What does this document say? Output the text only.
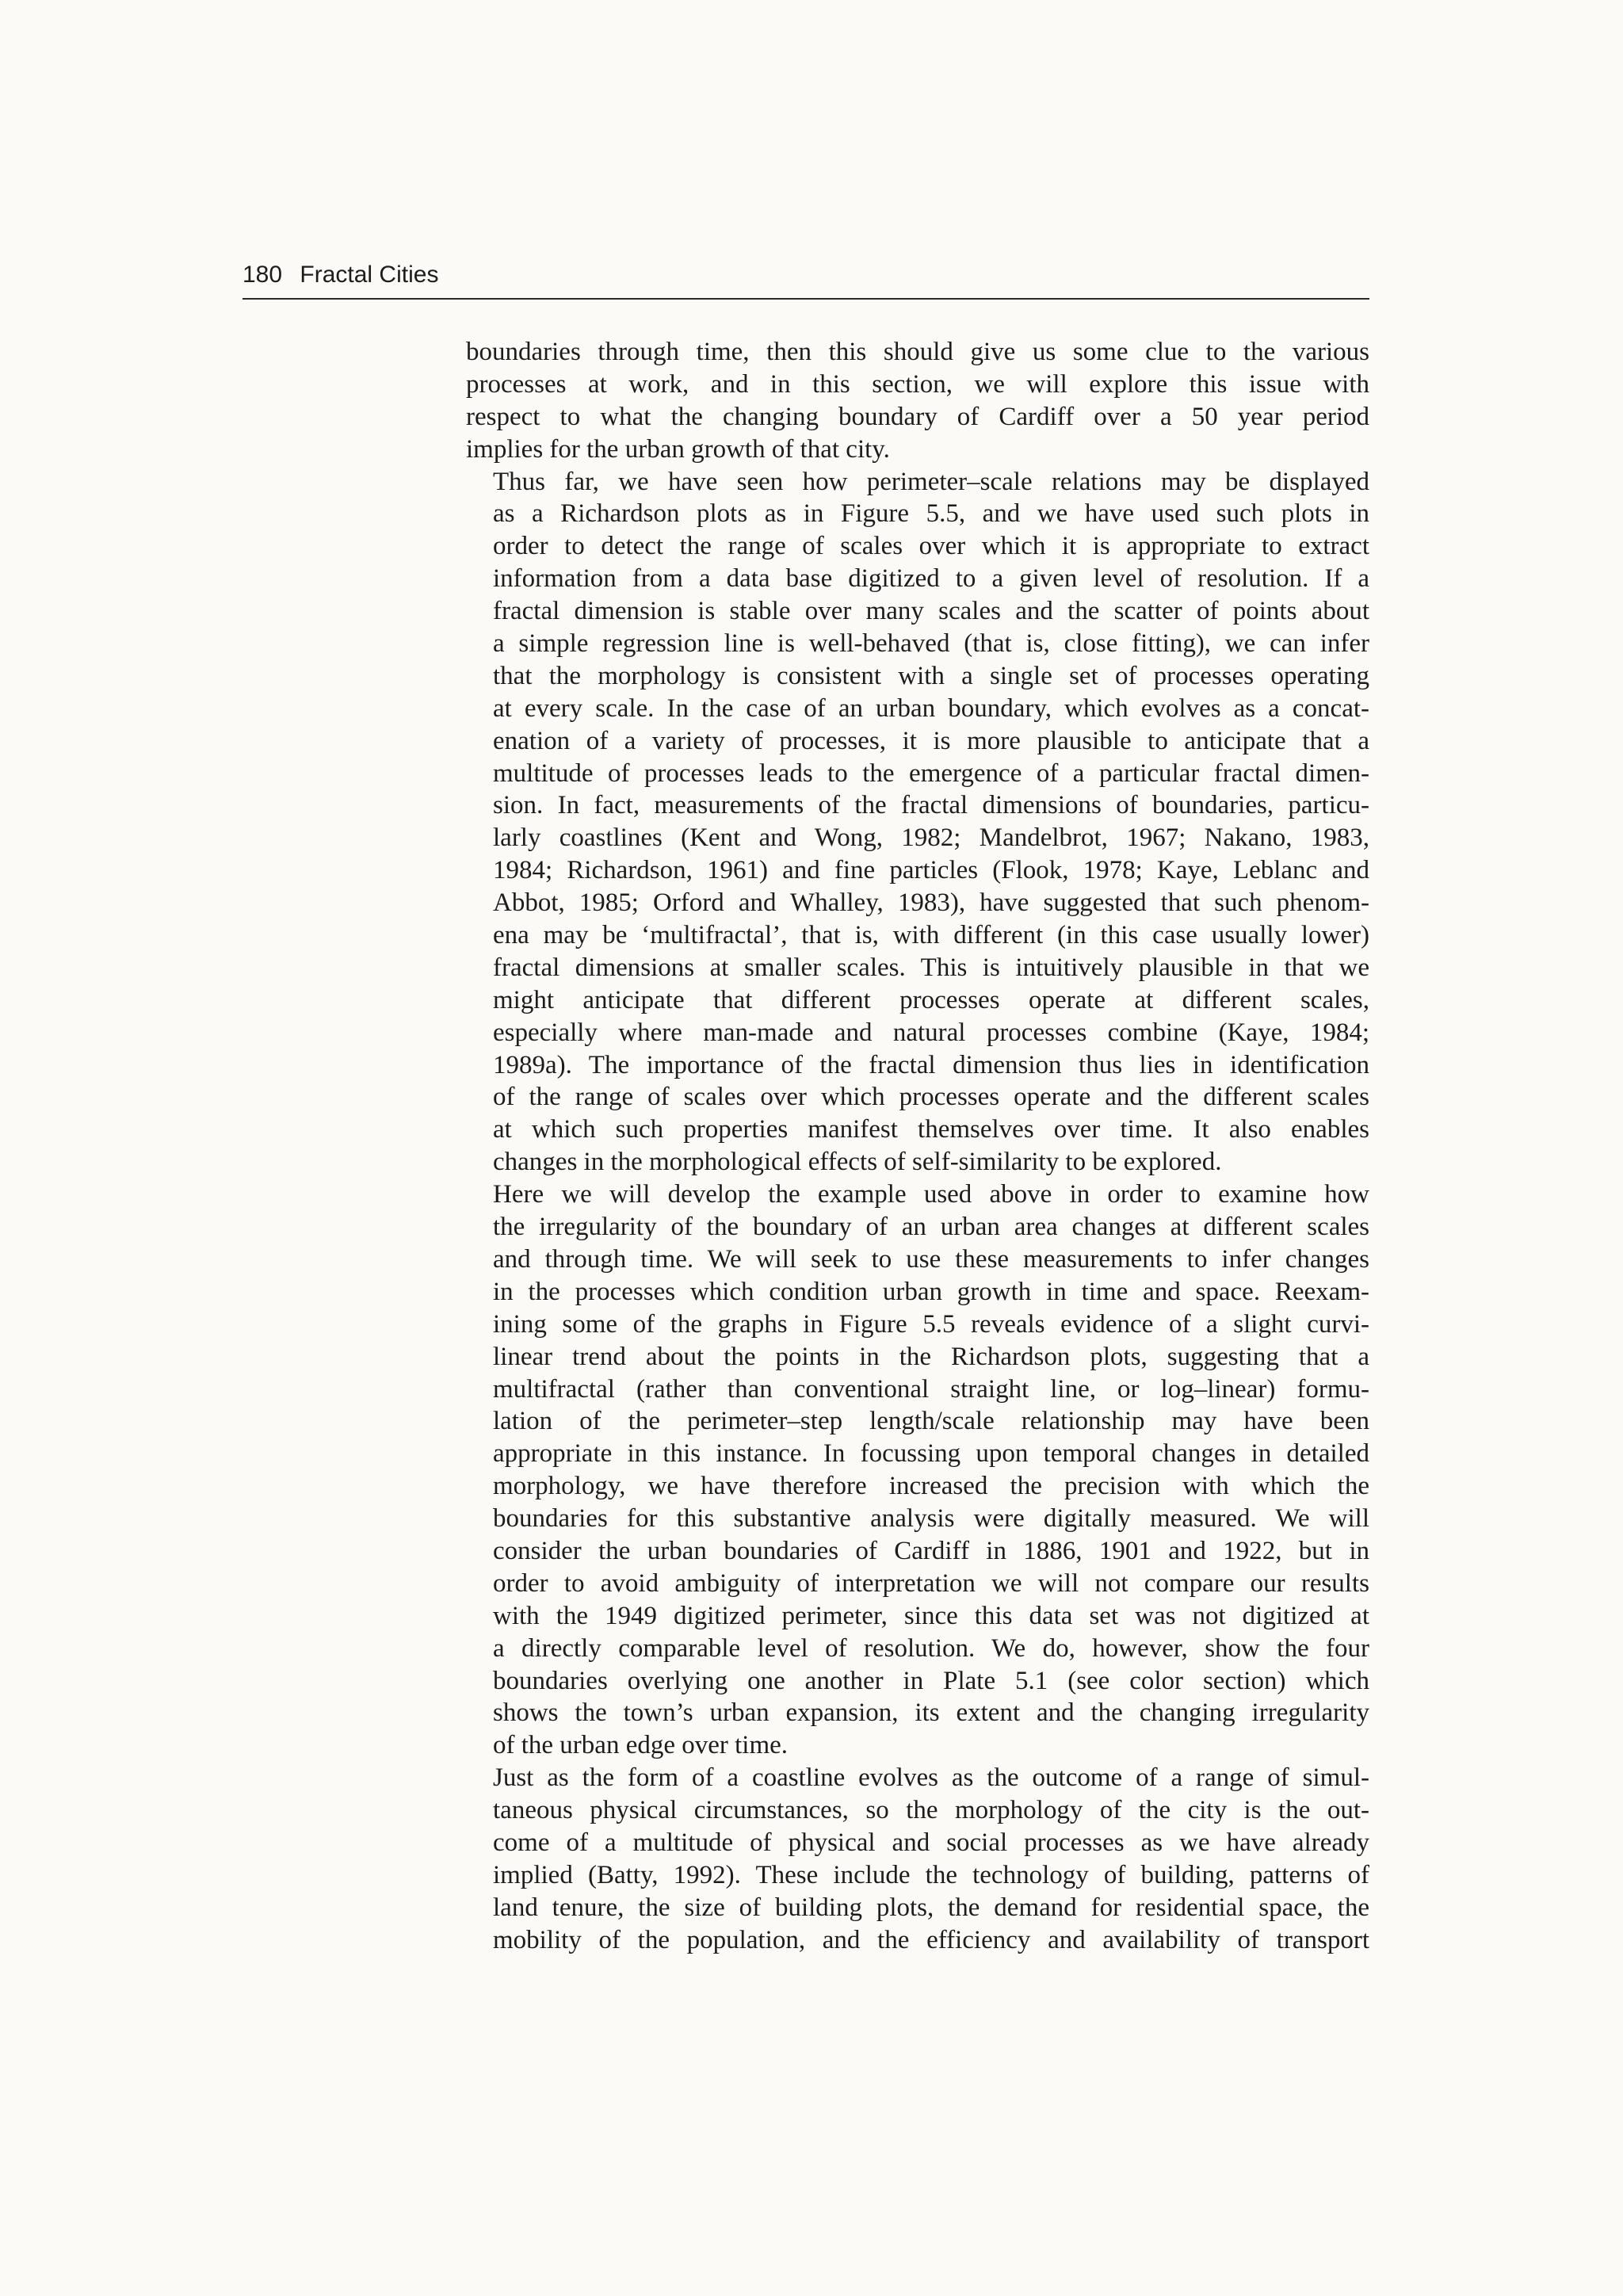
180 Fractal Cities

boundaries through time, then this should give us some clue to the various
processes at work, and in this section, we will explore this issue with
respect to what the changing boundary of Cardiff over a 50 year period
implies for the urban growth of that city.

Thus far, we have seen how perimeter–scale relations may be displayed
as a Richardson plots as in Figure 5.5, and we have used such plots in
order to detect the range of scales over which it is appropriate to extract
information from a data base digitized to a given level of resolution. If a
fractal dimension is stable over many scales and the scatter of points about
a simple regression line is well-behaved (that is, close fitting), we can infer
that the morphology is consistent with a single set of processes operating
at every scale. In the case of an urban boundary, which evolves as a concat-
enation of a variety of processes, it is more plausible to anticipate that a
multitude of processes leads to the emergence of a particular fractal dimen-
sion. In fact, measurements of the fractal dimensions of boundaries, particu-
larly coastlines (Kent and Wong, 1982; Mandelbrot, 1967; Nakano, 1983,
1984; Richardson, 1961) and fine particles (Flook, 1978; Kaye, Leblanc and
Abbot, 1985; Orford and Whalley, 1983), have suggested that such phenom-
ena may be ‘multifractal’, that is, with different (in this case usually lower)
fractal dimensions at smaller scales. This is intuitively plausible in that we
might anticipate that different processes operate at different scales,
especially where man-made and natural processes combine (Kaye, 1984;
1989a). The importance of the fractal dimension thus lies in identification
of the range of scales over which processes operate and the different scales
at which such properties manifest themselves over time. It also enables
changes in the morphological effects of self-similarity to be explored.

Here we will develop the example used above in order to examine how
the irregularity of the boundary of an urban area changes at different scales
and through time. We will seek to use these measurements to infer changes
in the processes which condition urban growth in time and space. Reexam-
ining some of the graphs in Figure 5.5 reveals evidence of a slight curvi-
linear trend about the points in the Richardson plots, suggesting that a
multifractal (rather than conventional straight line, or log–linear) formu-
lation of the perimeter–step length/scale relationship may have been
appropriate in this instance. In focussing upon temporal changes in detailed
morphology, we have therefore increased the precision with which the
boundaries for this substantive analysis were digitally measured. We will
consider the urban boundaries of Cardiff in 1886, 1901 and 1922, but in
order to avoid ambiguity of interpretation we will not compare our results
with the 1949 digitized perimeter, since this data set was not digitized at
a directly comparable level of resolution. We do, however, show the four
boundaries overlying one another in Plate 5.1 (see color section) which
shows the town’s urban expansion, its extent and the changing irregularity
of the urban edge over time.

Just as the form of a coastline evolves as the outcome of a range of simul-
taneous physical circumstances, so the morphology of the city is the out-
come of a multitude of physical and social processes as we have already
implied (Batty, 1992). These include the technology of building, patterns of
land tenure, the size of building plots, the demand for residential space, the
mobility of the population, and the efficiency and availability of transport
